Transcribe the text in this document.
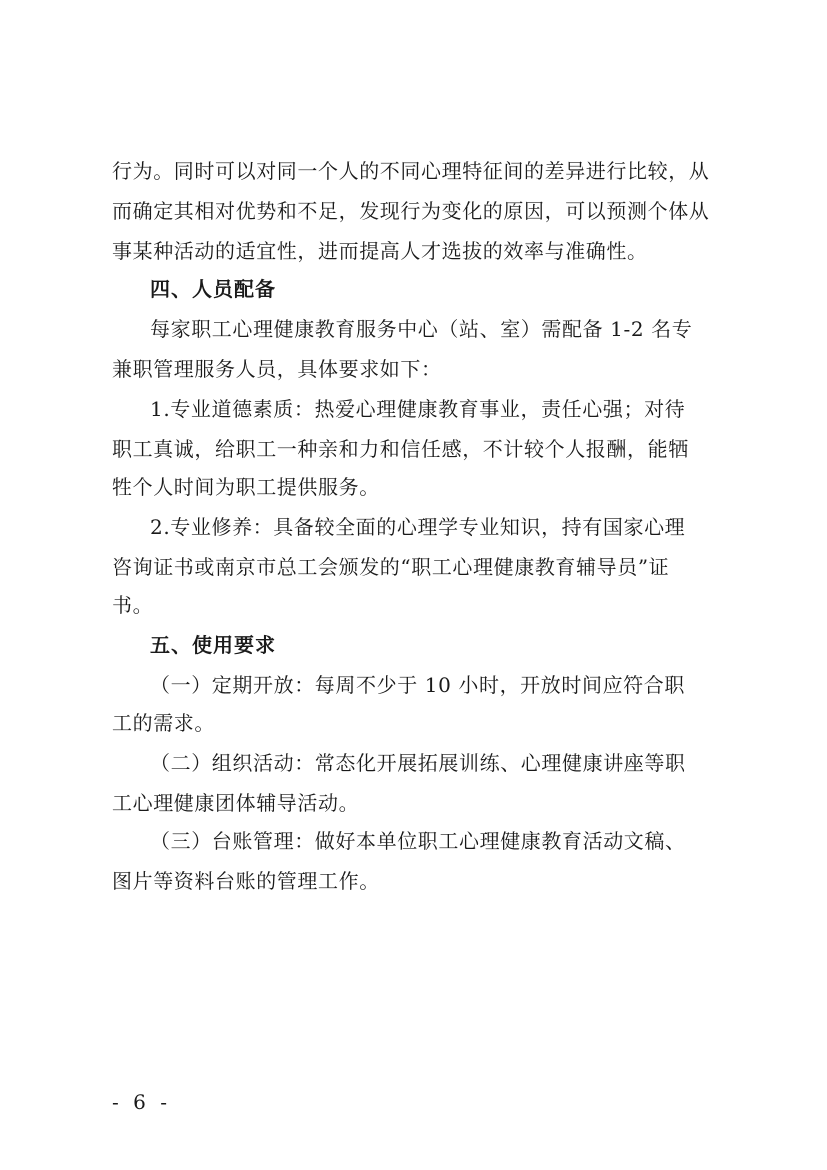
行为。同时可以对同一个人的不同心理特征间的差异进行比较，从
而确定其相对优势和不足，发现行为变化的原因，可以预测个体从
事某种活动的适宜性，进而提高人才选拔的效率与准确性。
四、人员配备
每家职工心理健康教育服务中心（站、室）需配备 1-2 名专
兼职管理服务人员，具体要求如下：
1.专业道德素质：热爱心理健康教育事业，责任心强；对待
职工真诚，给职工一种亲和力和信任感，不计较个人报酬，能牺
牲个人时间为职工提供服务。
2.专业修养：具备较全面的心理学专业知识，持有国家心理
咨询证书或南京市总工会颁发的“职工心理健康教育辅导员”证
书。
五、使用要求
（一）定期开放：每周不少于 10 小时，开放时间应符合职
工的需求。
（二）组织活动：常态化开展拓展训练、心理健康讲座等职
工心理健康团体辅导活动。
（三）台账管理：做好本单位职工心理健康教育活动文稿、
图片等资料台账的管理工作。
- 6 -
